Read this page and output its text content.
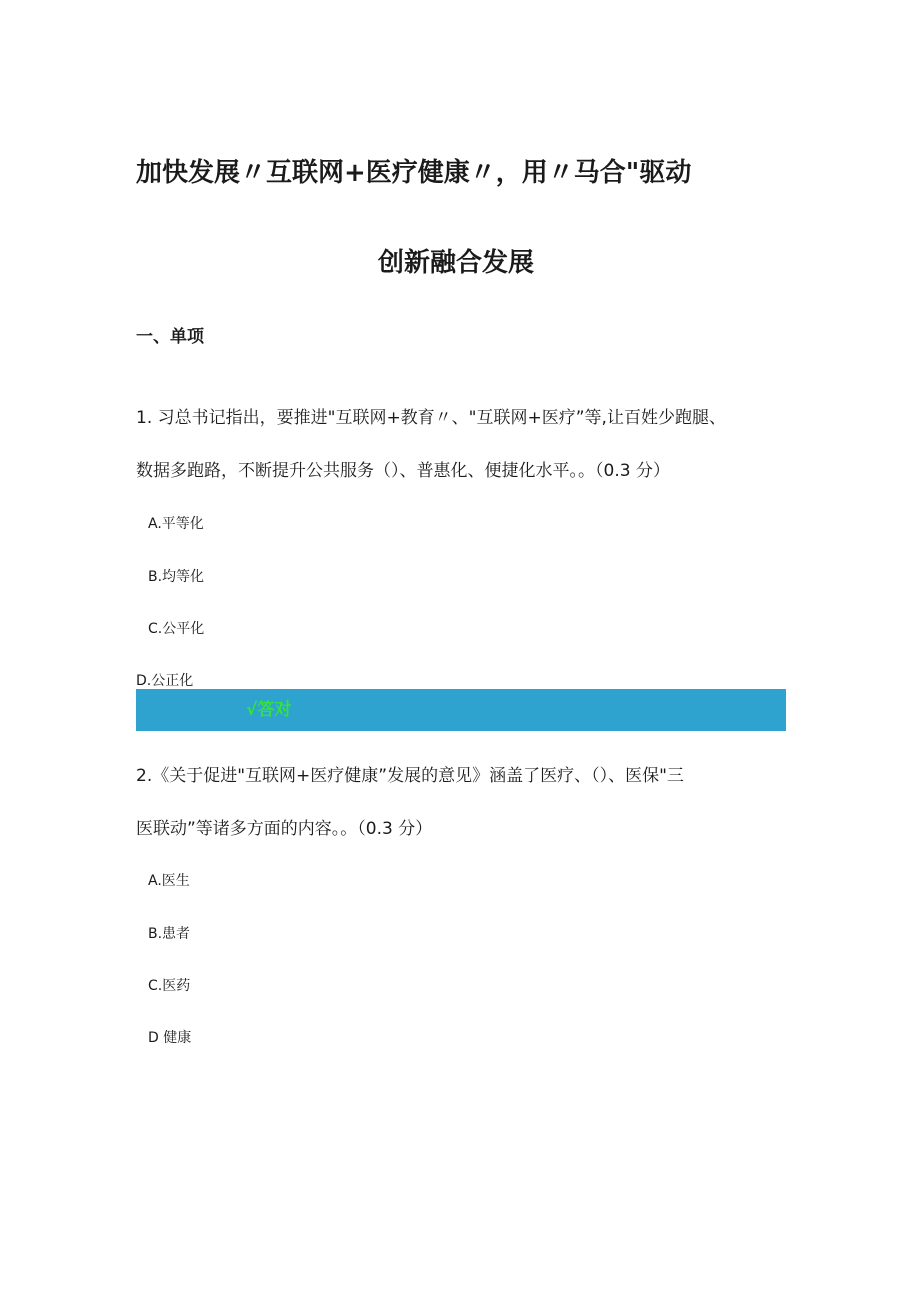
加快发展〃互联网+医疗健康〃，用〃马合"驱动
创新融合发展
一、单项
1. 习总书记指出，要推进"互联网+教育〃、"互联网+医疗”等,让百姓少跑腿、
数据多跑路，不断提升公共服务（）、普惠化、便捷化水平。。（0.3 分）
A.平等化
B.均等化
C.公平化
D.公正化
√答对
2.《关于促进"互联网+医疗健康”发展的意见》涵盖了医疗、（）、医保"三
医联动”等诸多方面的内容。。（0.3 分）
A.医生
B.患者
C.医药
D 健康
